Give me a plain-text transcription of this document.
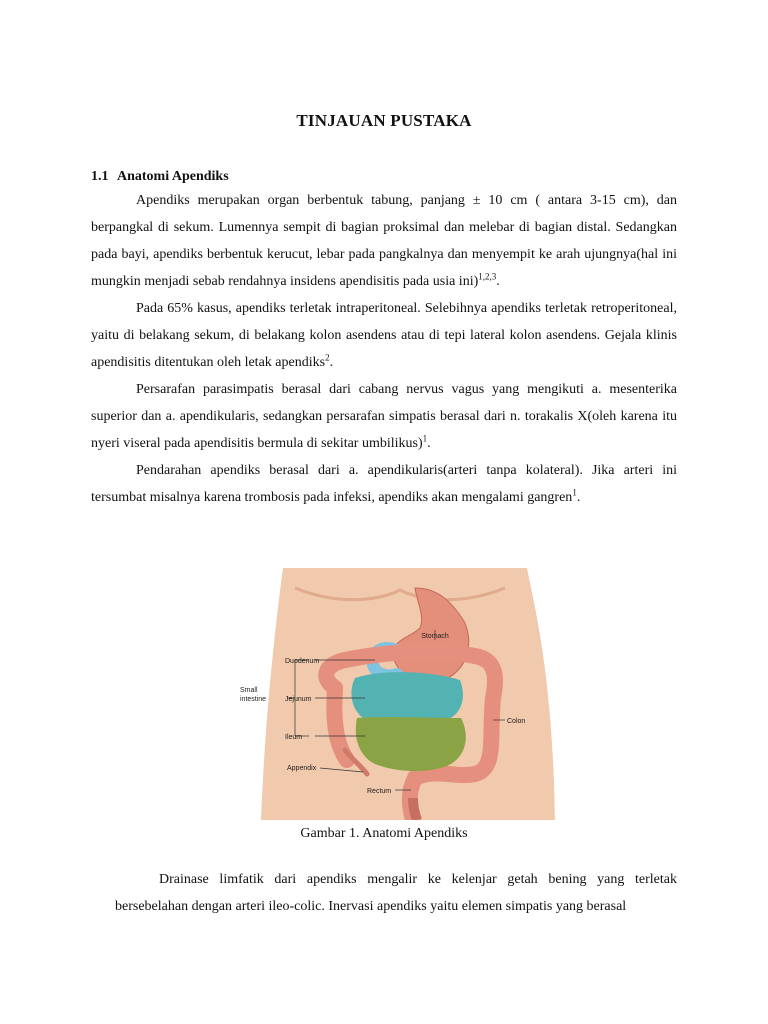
TINJAUAN PUSTAKA
1.1 Anatomi Apendiks

Apendiks merupakan organ berbentuk tabung, panjang ± 10 cm ( antara 3-15 cm), dan berpangkal di sekum. Lumennya sempit di bagian proksimal dan melebar di bagian distal. Sedangkan pada bayi, apendiks berbentuk kerucut, lebar pada pangkalnya dan menyempit ke arah ujungnya(hal ini mungkin menjadi sebab rendahnya insidens apendisitis pada usia ini)$^{1,2,3}$.

Pada 65% kasus, apendiks terletak intraperitoneal. Selebihnya apendiks terletak retroperitoneal, yaitu di belakang sekum, di belakang kolon asendens atau di tepi lateral kolon asendens. Gejala klinis apendisitis ditentukan oleh letak apendiks$^2$.

Persarafan parasimpatis berasal dari cabang nervus vagus yang mengikuti a. mesenterika superior dan a. apendikularis, sedangkan persarafan simpatis berasal dari n. torakalis X(oleh karena itu nyeri viseral pada apendisitis bermula di sekitar umbilikus)$^1$.

Pendarahan apendiks berasal dari a. apendikularis(arteri tanpa kolateral). Jika arteri ini tersumbat misalnya karena trombosis pada infeksi, apendiks akan mengalami gangren$^1$.

Stomach
Duodenum
Small
intestine	Jejunum
Ileum
Appendix
Rectum
Colon
Gambar 1. Anatomi Apendiks

Drainase limfatik dari apendiks mengalir ke kelenjar getah bening yang terletak bersebelahan dengan arteri ileo-colic. Inervasi apendiks yaitu elemen simpatis yang berasal
